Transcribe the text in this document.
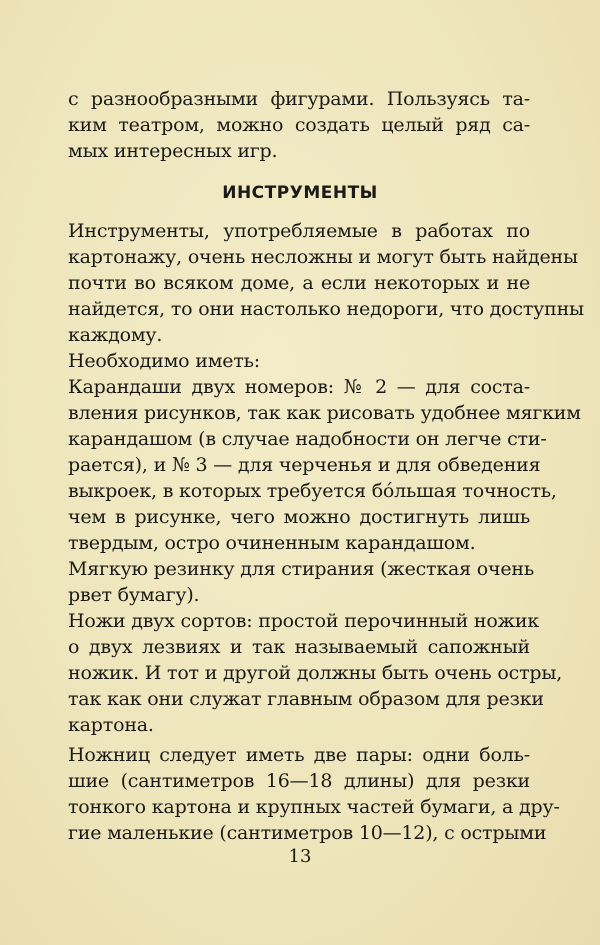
с разнообразными фигурами. Пользуясь та-
ким театром, можно создать целый ряд са-
мых интересных игр.
ИНСТРУМЕНТЫ
Инструменты, употребляемые в работах по
картонажу, очень несложны и могут быть найдены
почти во всяком доме, а если некоторых и не
найдется, то они настолько недороги, что доступны
каждому.
Необходимо иметь:
Карандаши двух номеров: № 2 — для соста-
вления рисунков, так как рисовать удобнее мягким
карандашом (в случае надобности он легче сти-
рается), и № 3 — для черченья и для обведения
выкроек, в которых требуется бо́льшая точность,
чем в рисунке, чего можно достигнуть лишь
твердым, остро очиненным карандашом.
Мягкую резинку для стирания (жесткая очень
рвет бумагу).
Ножи двух сортов: простой перочинный ножик
о двух лезвиях и так называемый сапожный
ножик. И тот и другой должны быть очень остры,
так как они служат главным образом для резки
картона.
Ножниц следует иметь две пары: одни боль-
шие (сантиметров 16—18 длины) для резки
тонкого картона и крупных частей бумаги, а дру-
гие маленькие (сантиметров 10—12), с острыми
13
